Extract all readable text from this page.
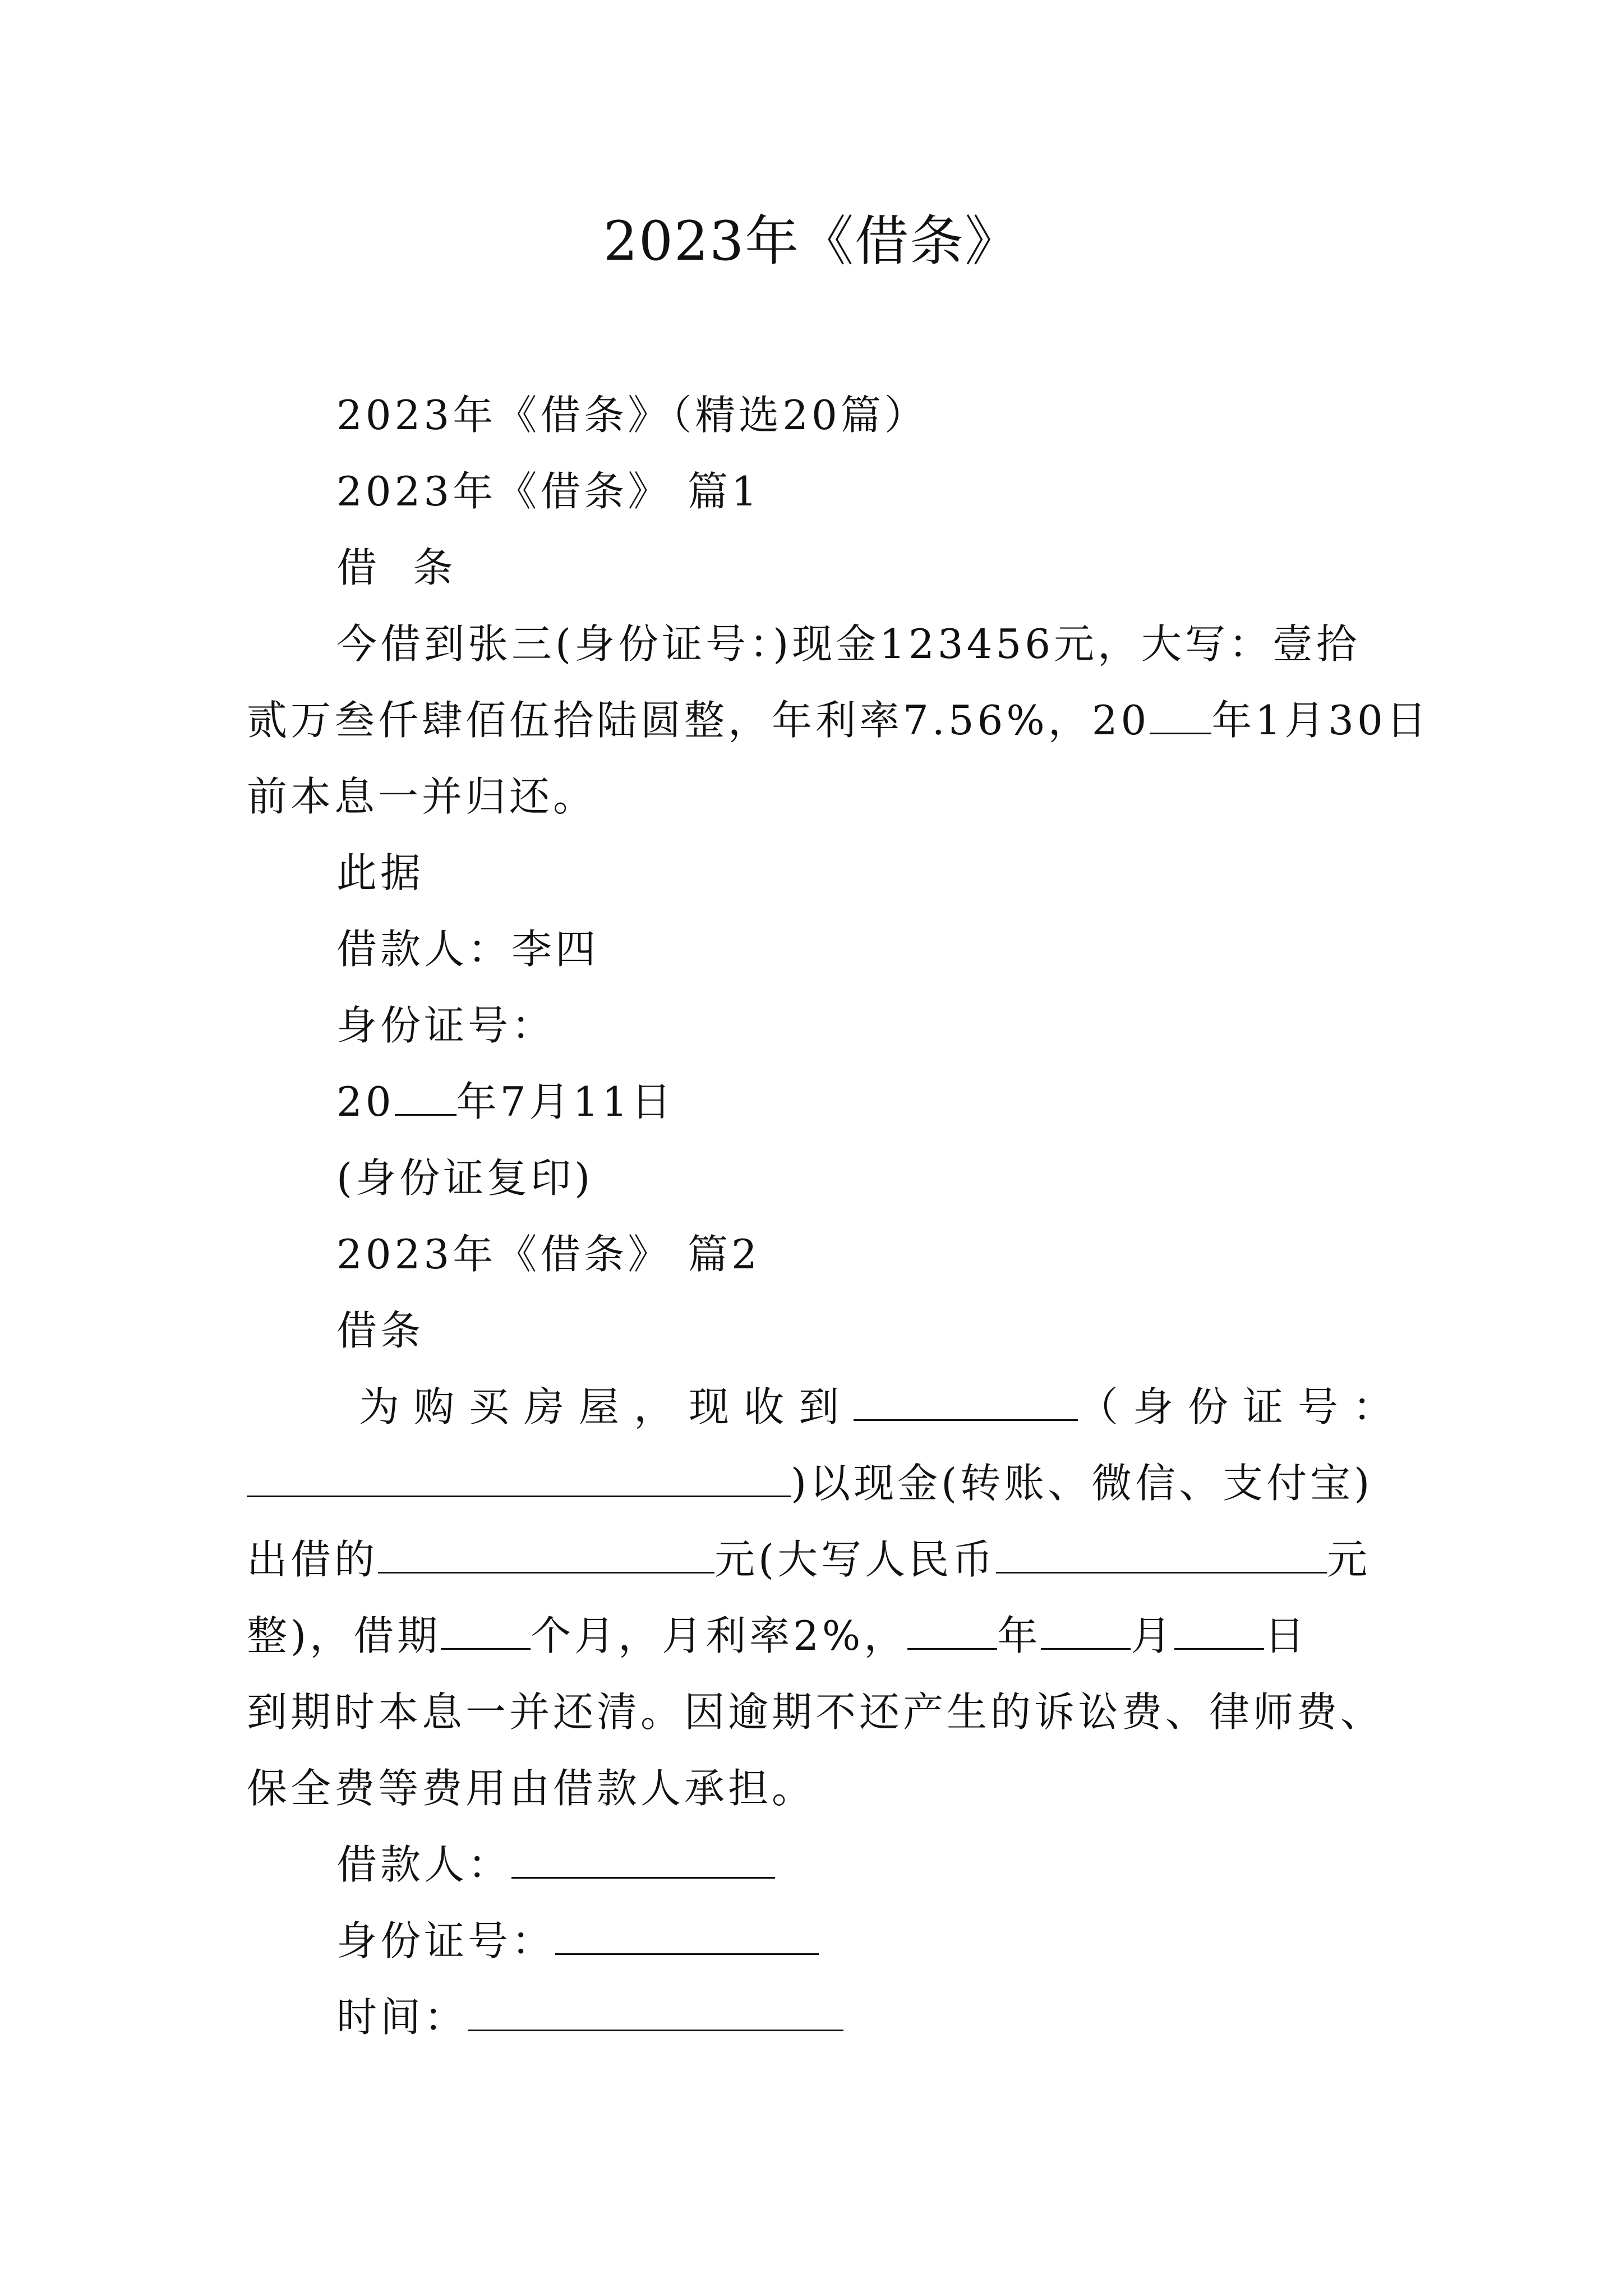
2023年《借条》
2023年《借条》（精选20篇）
2023年《借条》 篇1
借  条
今借到张三(身份证号：)现金123456元，大写：壹拾
贰万叁仟肆佰伍拾陆圆整，年利率7.56%，20 年1月30日
前本息一并归还。
此据
借款人：李四
身份证号：
20 年7月11日
(身份证复印)
2023年《借条》 篇2
借条
为购买房屋，现收到	（身份证号：
)以现金(转账、微信、支付宝)
出借的	元(大写人民币	元
整)，借期 个月，月利率2%， 年 月 日
到期时本息一并还清。因逾期不还产生的诉讼费、律师费、
保全费等费用由借款人承担。
借款人：
身份证号：
时间：
